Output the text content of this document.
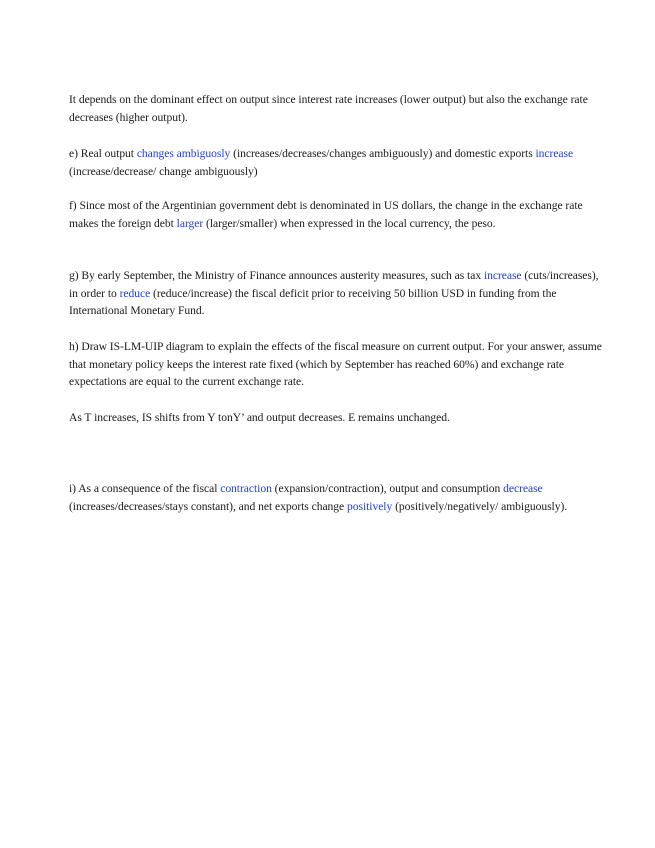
It depends on the dominant effect on output since interest rate increases (lower output) but also the exchange rate decreases (higher output).

e) Real output changes ambiguosly (increases/decreases/changes ambiguously) and domestic exports increase (increase/decrease/ change ambiguously)

f) Since most of the Argentinian government debt is denominated in US dollars, the change in the exchange rate makes the foreign debt larger (larger/smaller) when expressed in the local currency, the peso.

g) By early September, the Ministry of Finance announces austerity measures, such as tax increase (cuts/increases), in order to reduce (reduce/increase) the fiscal deficit prior to receiving 50 billion USD in funding from the International Monetary Fund.

h) Draw IS-LM-UIP diagram to explain the effects of the fiscal measure on current output. For your answer, assume that monetary policy keeps the interest rate fixed (which by September has reached 60%) and exchange rate expectations are equal to the current exchange rate.

As T increases, IS shifts from Y tonY’ and output decreases. E remains unchanged.

i) As a consequence of the fiscal contraction (expansion/contraction), output and consumption decrease (increases/decreases/stays constant), and net exports change positively (positively/negatively/ ambiguously).
